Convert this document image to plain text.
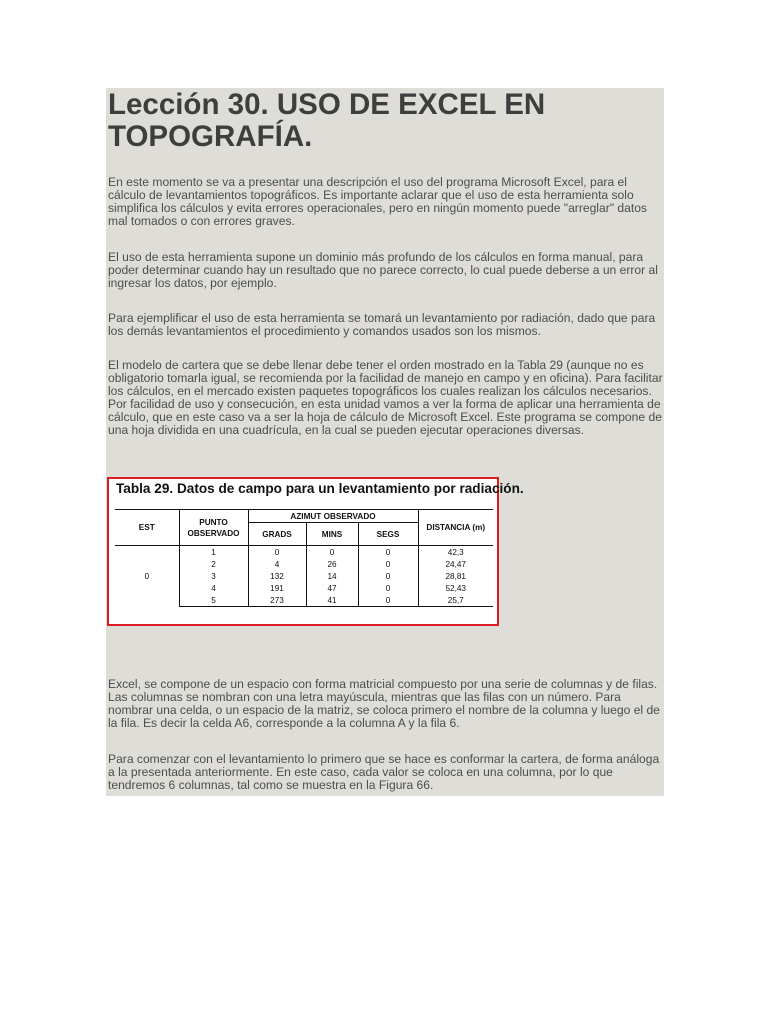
Lección 30. USO DE EXCEL EN
TOPOGRAFÍA.

En este momento se va a presentar una descripción el uso del programa Microsoft Excel, para el cálculo de levantamientos topográficos. Es importante aclarar que el uso de esta herramienta solo simplifica los cálculos y evita errores operacionales, pero en ningún momento puede "arreglar" datos mal tomados o con errores graves.

El uso de esta herramienta supone un dominio más profundo de los cálculos en forma manual, para poder determinar cuando hay un resultado que no parece correcto, lo cual puede deberse a un error al ingresar los datos, por ejemplo.

Para ejemplificar el uso de esta herramienta se tomará un levantamiento por radiación, dado que para los demás levantamientos el procedimiento y comandos usados son los mismos.

El modelo de cartera que se debe llenar debe tener el orden mostrado en la Tabla 29 (aunque no es obligatorio tomarla igual, se recomienda por la facilidad de manejo en campo y en oficina). Para facilitar los cálculos, en el mercado existen paquetes topográficos los cuales realizan los cálculos necesarios. Por facilidad de uso y consecución, en esta unidad vamos a ver la forma de aplicar una herramienta de cálculo, que en este caso va a ser la hoja de cálculo de Microsoft Excel. Este programa se compone de una hoja dividida en una cuadrícula, en la cual se pueden ejecutar operaciones diversas.

Tabla 29. Datos de campo para un levantamiento por radiación.

EST	PUNTO OBSERVADO	AZIMUT OBSERVADO			DISTANCIA (m)
		GRADS	MINS	SEGS	
0	1	0	0	0	42,3
	2	4	26	0	24,47
	3	132	14	0	28,81
	4	191	47	0	52,43
	5	273	41	0	25,7

Excel, se compone de un espacio con forma matricial compuesto por una serie de columnas y de filas. Las columnas se nombran con una letra mayúscula, mientras que las filas con un número. Para nombrar una celda, o un espacio de la matriz, se coloca primero el nombre de la columna y luego el de la fila. Es decir la celda A6, corresponde a la columna A y la fila 6.

Para comenzar con el levantamiento lo primero que se hace es conformar la cartera, de forma análoga a la presentada anteriormente. En este caso, cada valor se coloca en una columna, por lo que tendremos 6 columnas, tal como se muestra en la Figura 66.
